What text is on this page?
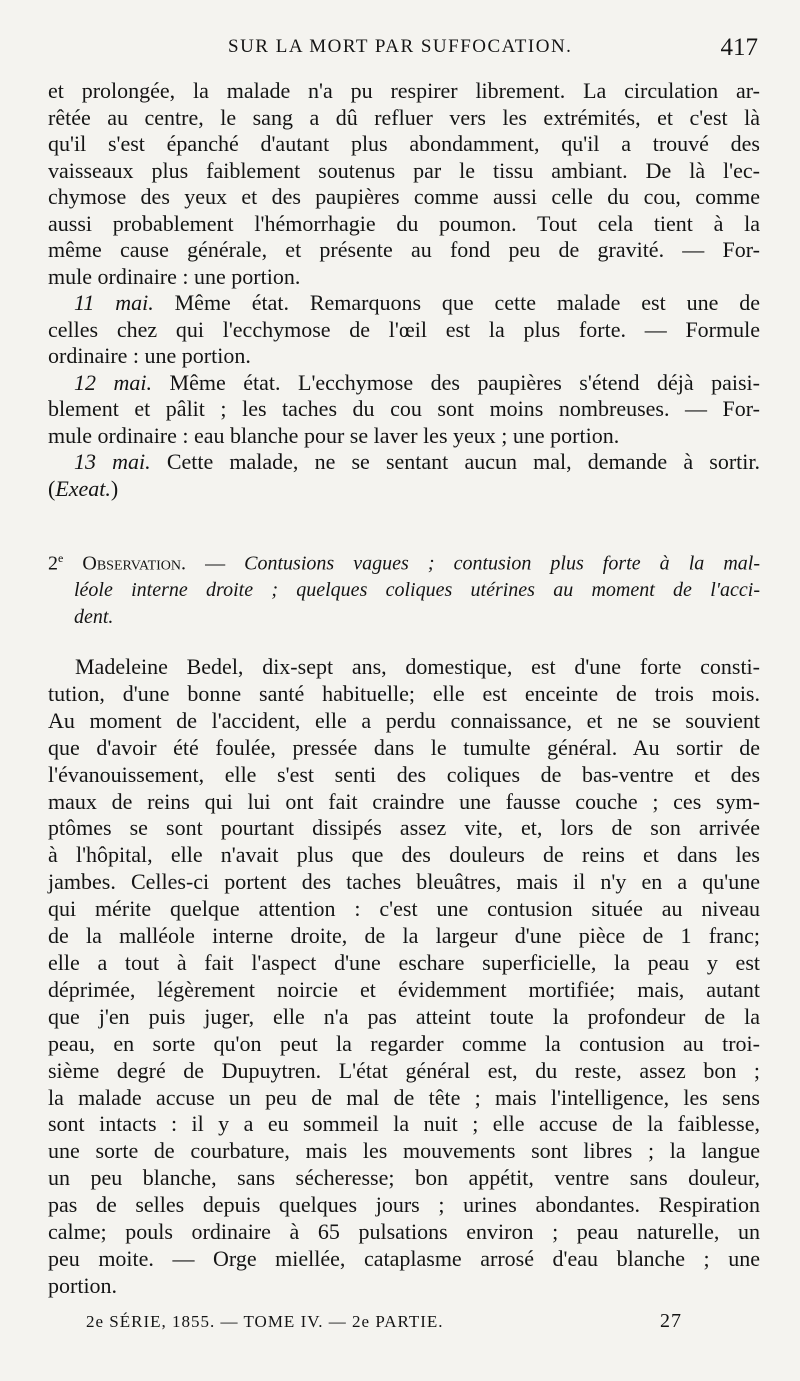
SUR LA MORT PAR SUFFOCATION.	417
et prolongée, la malade n'a pu respirer librement. La circulation ar-
rêtée au centre, le sang a dû refluer vers les extrémités, et c'est là
qu'il s'est épanché d'autant plus abondamment, qu'il a trouvé des
vaisseaux plus faiblement soutenus par le tissu ambiant. De là l'ec-
chymose des yeux et des paupières comme aussi celle du cou, comme
aussi probablement l'hémorrhagie du poumon. Tout cela tient à la
même cause générale, et présente au fond peu de gravité. — For-
mule ordinaire : une portion.
11 mai. Même état. Remarquons que cette malade est une de
celles chez qui l'ecchymose de l'œil est la plus forte. — Formule
ordinaire : une portion.
12 mai. Même état. L'ecchymose des paupières s'étend déjà paisi-
blement et pâlit ; les taches du cou sont moins nombreuses. — For-
mule ordinaire : eau blanche pour se laver les yeux ; une portion.
13 mai. Cette malade, ne se sentant aucun mal, demande à sortir.
(Exeat.)
2e Observation. — Contusions vagues ; contusion plus forte à la mal-
léole interne droite ; quelques coliques utérines au moment de l'acci-
dent.
Madeleine Bedel, dix-sept ans, domestique, est d'une forte consti-
tution, d'une bonne santé habituelle; elle est enceinte de trois mois.
Au moment de l'accident, elle a perdu connaissance, et ne se souvient
que d'avoir été foulée, pressée dans le tumulte général. Au sortir de
l'évanouissement, elle s'est senti des coliques de bas-ventre et des
maux de reins qui lui ont fait craindre une fausse couche ; ces sym-
ptômes se sont pourtant dissipés assez vite, et, lors de son arrivée
à l'hôpital, elle n'avait plus que des douleurs de reins et dans les
jambes. Celles-ci portent des taches bleuâtres, mais il n'y en a qu'une
qui mérite quelque attention : c'est une contusion située au niveau
de la malléole interne droite, de la largeur d'une pièce de 1 franc;
elle a tout à fait l'aspect d'une eschare superficielle, la peau y est
déprimée, légèrement noircie et évidemment mortifiée; mais, autant
que j'en puis juger, elle n'a pas atteint toute la profondeur de la
peau, en sorte qu'on peut la regarder comme la contusion au troi-
sième degré de Dupuytren. L'état général est, du reste, assez bon ;
la malade accuse un peu de mal de tête ; mais l'intelligence, les sens
sont intacts : il y a eu sommeil la nuit ; elle accuse de la faiblesse,
une sorte de courbature, mais les mouvements sont libres ; la langue
un peu blanche, sans sécheresse; bon appétit, ventre sans douleur,
pas de selles depuis quelques jours ; urines abondantes. Respiration
calme; pouls ordinaire à 65 pulsations environ ; peau naturelle, un
peu moite. — Orge miellée, cataplasme arrosé d'eau blanche ; une
portion.
2e SÉRIE, 1855. — TOME IV. — 2e PARTIE.	27
